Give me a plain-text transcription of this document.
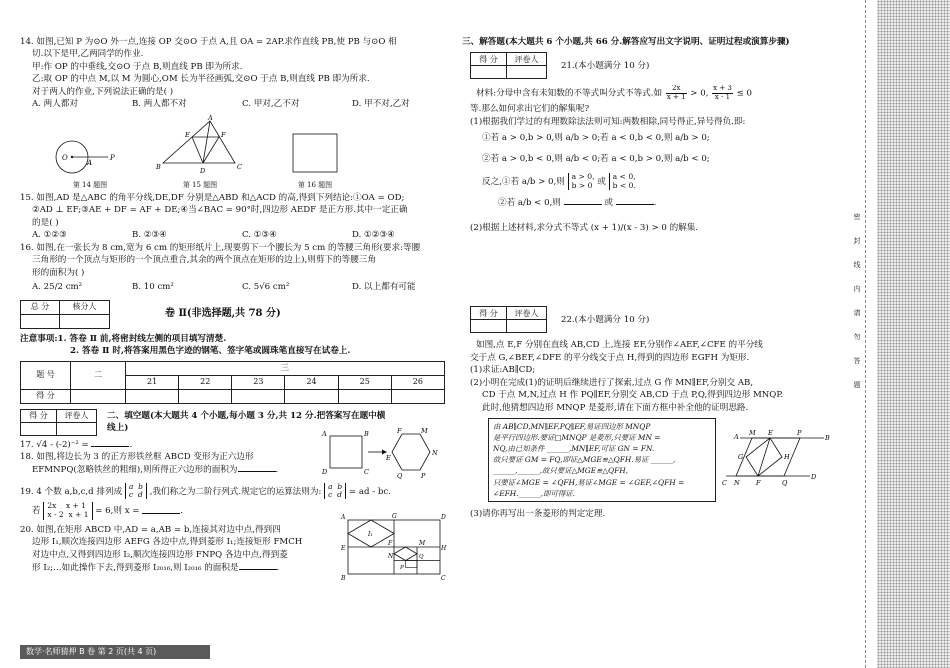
14. 如图,已知 P 为⊙O 外一点,连接 OP 交⊙O 于点 A,且 OA = 2AP.求作直线 PB,使 PB 与⊙O 相

切.以下是甲,乙两同学的作业.

甲:作 OP 的中垂线,交⊙O 于点 B,则直线 PB 即为所求.

乙:取 OP 的中点 M,以 M 为圆心,OM 长为半径画弧,交⊙O 于点 B,则直线 PB 即为所求.

对于两人的作业,下列说法正确的是( )

A. 两人都对	B. 两人都不对	C. 甲对,乙不对	D. 甲不对,乙对
O
A
P
第 14 题图
A
B	C
D
E	F
第 15 题图	第 16 题图

15. 如图,AD 是△ABC 的角平分线,DE,DF 分别是△ABD 和△ACD 的高,得到下列结论:①OA = OD;

②AD ⊥ EF;③AE + DF = AF + DE;④当∠BAC = 90°时,四边形 AEDF 是正方形.其中一定正确

的是( )

A. ①②③	B. ②③④	C. ①③④	D. ①②③④

16. 如图,在一张长为 8 cm,宽为 6 cm 的矩形纸片上,现要剪下一个腰长为 5 cm 的等腰三角形(要求:等腰

三角形的一个顶点与矩形的一个顶点重合,其余的两个顶点在矩形的边上),则剪下的等腰三角

形的面积为( )

A. 25/2 cm²	B. 10 cm²	C. 5√6 cm²	D. 以上都有可能
总 分	核分人

卷 Ⅱ(非选择题,共 78 分)

注意事项:1. 答卷 Ⅱ 前,将密封线左侧的项目填写清楚.

2. 答卷 Ⅱ 时,将答案用黑色字迹的钢笔、签字笔或圆珠笔直接写在试卷上.

题 号	二	三					
		21	22	23	24	25	26
得 分							
得 分	评卷人
	二、填空题(本大题共 4 个小题,每小题 3 分,共 12 分.把答案写在题中横

线上)

17. √4 - (-2)⁻² =	.

18. 如图,将边长为 3 的正方形铁丝框 ABCD 变形为正六边形

EFMNPQ(忽略铁丝的粗细),则所得正六边形的面积为	.

A	B
C
D
E
F	M
N
P
Q

19. 4 个数 a,b,c,d 排列成 a b
c d ,我们称之为二阶行列式.规定它的运算法则为: a b
c d = ad - bc.

若 2x x + 1
x - 2 x + 1 = 6,则 x =	.

20. 如图,在矩形 ABCD 中,AD = a,AB = b,连接其对边中点,得到四

边形 I₁,顺次连接四边形 AEFG 各边中点,得到菱形 I₁;连接矩形 FMCH

对边中点,又得到四边形 I₂,顺次连接四边形 FNPQ 各边中点,得到菱

形 I₂;…如此操作下去,得到菱形 I₂₀₁₆,则 I₂₀₁₆ 的面积是	.

A
B	C
D
G
E
F
H
I₁
M
N
P
Q
数学·名师猜押 B 卷 第 2 页(共 4 页)

三、解答题(本大题共 6 个小题,共 66 分.解答应写出文字说明、证明过程或演算步骤)

得 分	评卷人

21.(本小题满分 10 分)

材料:分母中含有未知数的不等式叫分式不等式.如 $\frac{2x}{x + 1} > 0$, $\frac{x + 3}{x - 1} \le 0$

等.那么如何求出它们的解集呢?

(1)根据我们学过的有理数除法法则可知:两数相除,同号得正,异号得负.即:

①若 a > 0,b > 0,则 a/b > 0;若 a < 0,b < 0,则 a/b > 0;

②若 a > 0,b < 0,则 a/b < 0;若 a < 0,b > 0,则 a/b < 0;

反之,①若 a/b > 0,则 a > 0,
b > 0 或 a < 0,
b < 0.

②若 a/b < 0,则	或	.

(2)根据上述材料,求分式不等式 (x + 1)/(x - 3) > 0 的解集.

得 分	评卷人

22.(本小题满分 10 分)

如图,点 E,F 分别在直线 AB,CD 上,连接 EF,分别作∠AEF,∠CFE 的平分线

交于点 G,∠BEF,∠DFE 的平分线交于点 H,得到的四边形 EGFH 为矩形.

(1)求证:AB∥CD;

(2)小明在完成(1)的证明后继续进行了探索,过点 G 作 MN∥EF,分别交 AB,

CD 于点 M,N,过点 H 作 PQ∥EF,分别交 AB,CD 于点 P,Q,得到四边形 MNQP.

此时,他猜想四边形 MNQP 是菱形,请在下面方框中补全他的证明思路.

由 AB∥CD,MN∥EF,PQ∥EF,易证四边形 MNQP

是平行四边形.要证□MNQP 是菱形,只要证 MN =

NQ,由已知条件 ______,MN∥EF,可证 GN = FN.

故只要证 GM = FQ,即证△MGE≌△QFH.易证 ______,

______,______,故只要证△MGE≌△QFH,

只要证∠MGE = ∠QFH,易证∠MGE = ∠GEF,∠QFH =

∠EFH.______,即可得证.

A M E	P
B
G	H
C N	F	Q
D

(3)请你再写出一条菱形的判定定理.

密
封
线
内
请
勿
答
题
